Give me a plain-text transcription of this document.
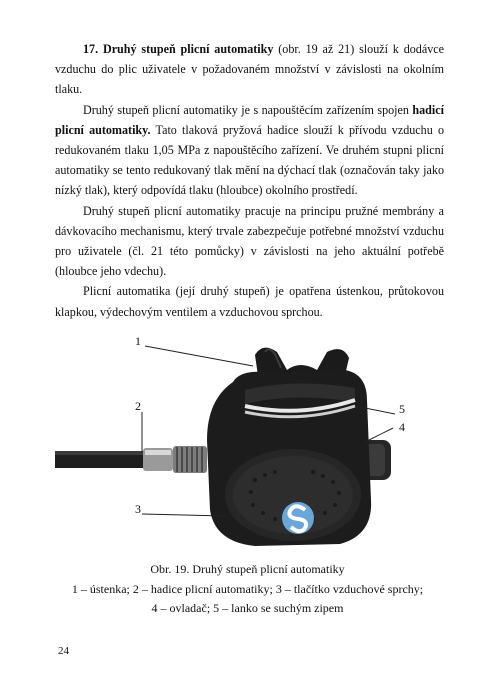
17. Druhý stupeň plicní automatiky (obr. 19 až 21) slouží k dodávce vzduchu do plic uživatele v požadovaném množství v závislosti na okolním tlaku.

Druhý stupeň plicní automatiky je s napouštěcím zařízením spojen hadicí plicní automatiky. Tato tlaková pryžová hadice slouží k přívodu vzduchu o redukovaném tlaku 1,05 MPa z napouštěcího zařízení. Ve druhém stupni plicní automatiky se tento redukovaný tlak mění na dýchací tlak (označován taky jako nízký tlak), který odpovídá tlaku (hloubce) okolního prostředí.

Druhý stupeň plicní automatiky pracuje na principu pružné membrány a dávkovacího mechanismu, který trvale zabezpečuje potřebné množství vzduchu pro uživatele (čl. 21 této pomůcky) v závislosti na jeho aktuální potřebě (hloubce jeho vdechu).

Plicní automatika (její druhý stupeň) je opatřena ústenkou, průtokovou klapkou, výdechovým ventilem a vzduchovou sprchou.

1
2
3
4
5
Obr. 19. Druhý stupeň plicní automatiky
1 – ústenka; 2 – hadice plicní automatiky; 3 – tlačítko vzduchové sprchy;
4 – ovladač; 5 – lanko se suchým zipem
24
